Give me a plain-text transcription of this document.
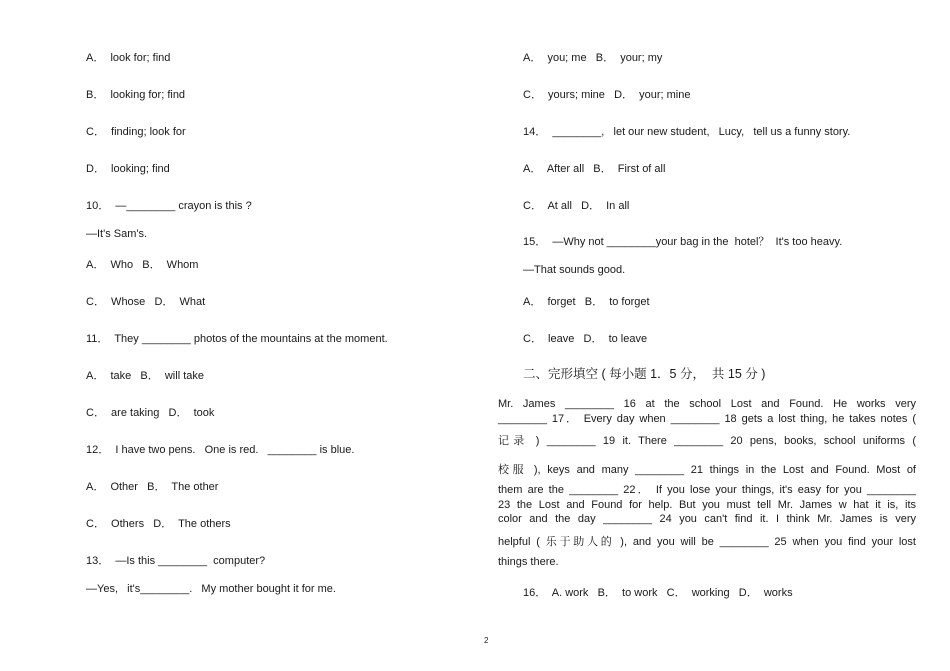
A．  look for; find
B．  looking for; find
C．  finding; look for
D．  looking; find
10．  —________ crayon is this ?
—It's Sam's.
A．  Who   B．  Whom
C．  Whose   D．  What
11．  They ________ photos of the mountains at the moment.
A．  take   B．  will take
C．  are taking   D．  took
12．  I have two pens.   One is red.   ________ is blue.
A．  Other   B．  The other
C．  Others   D．  The others
13．  —Is this ________  computer?
—Yes,   it's________.   My mother bought it for me.
A．  you; me   B．  your; my
C．  yours; mine   D．  your; mine
14．  ________,   let our new student,   Lucy,   tell us a funny story.
A．  After all   B．  First of all
C．  At all   D．  In all
15．  —Why not ________your bag in the  hotel？  It's too heavy.
—That sounds good.
A．  forget   B．  to forget
C．  leave   D．  to leave
二、完形填空 ( 每小题 1．5 分，  共 15 分 )
Mr. James ________ 16 at the school Lost and Found. He works very
________ 17． Every day when ________ 18 gets a lost thing, he takes notes (
记录 ) ________ 19 it. There ________ 20 pens, books, school uniforms (
校服 ), keys and many ________ 21 things in the Lost and Found. Most of
them are the ________ 22． If you lose your things, it's easy for you ________
23 the Lost and Found for help. But you must tell Mr. James w hat it is, its
color and the day ________ 24 you can't find it. I think Mr. James is very
helpful ( 乐于助人的 ), and you will be ________ 25 when you find your lost
things there.
16．  A. work   B．  to work   C．  working   D．  works
2
